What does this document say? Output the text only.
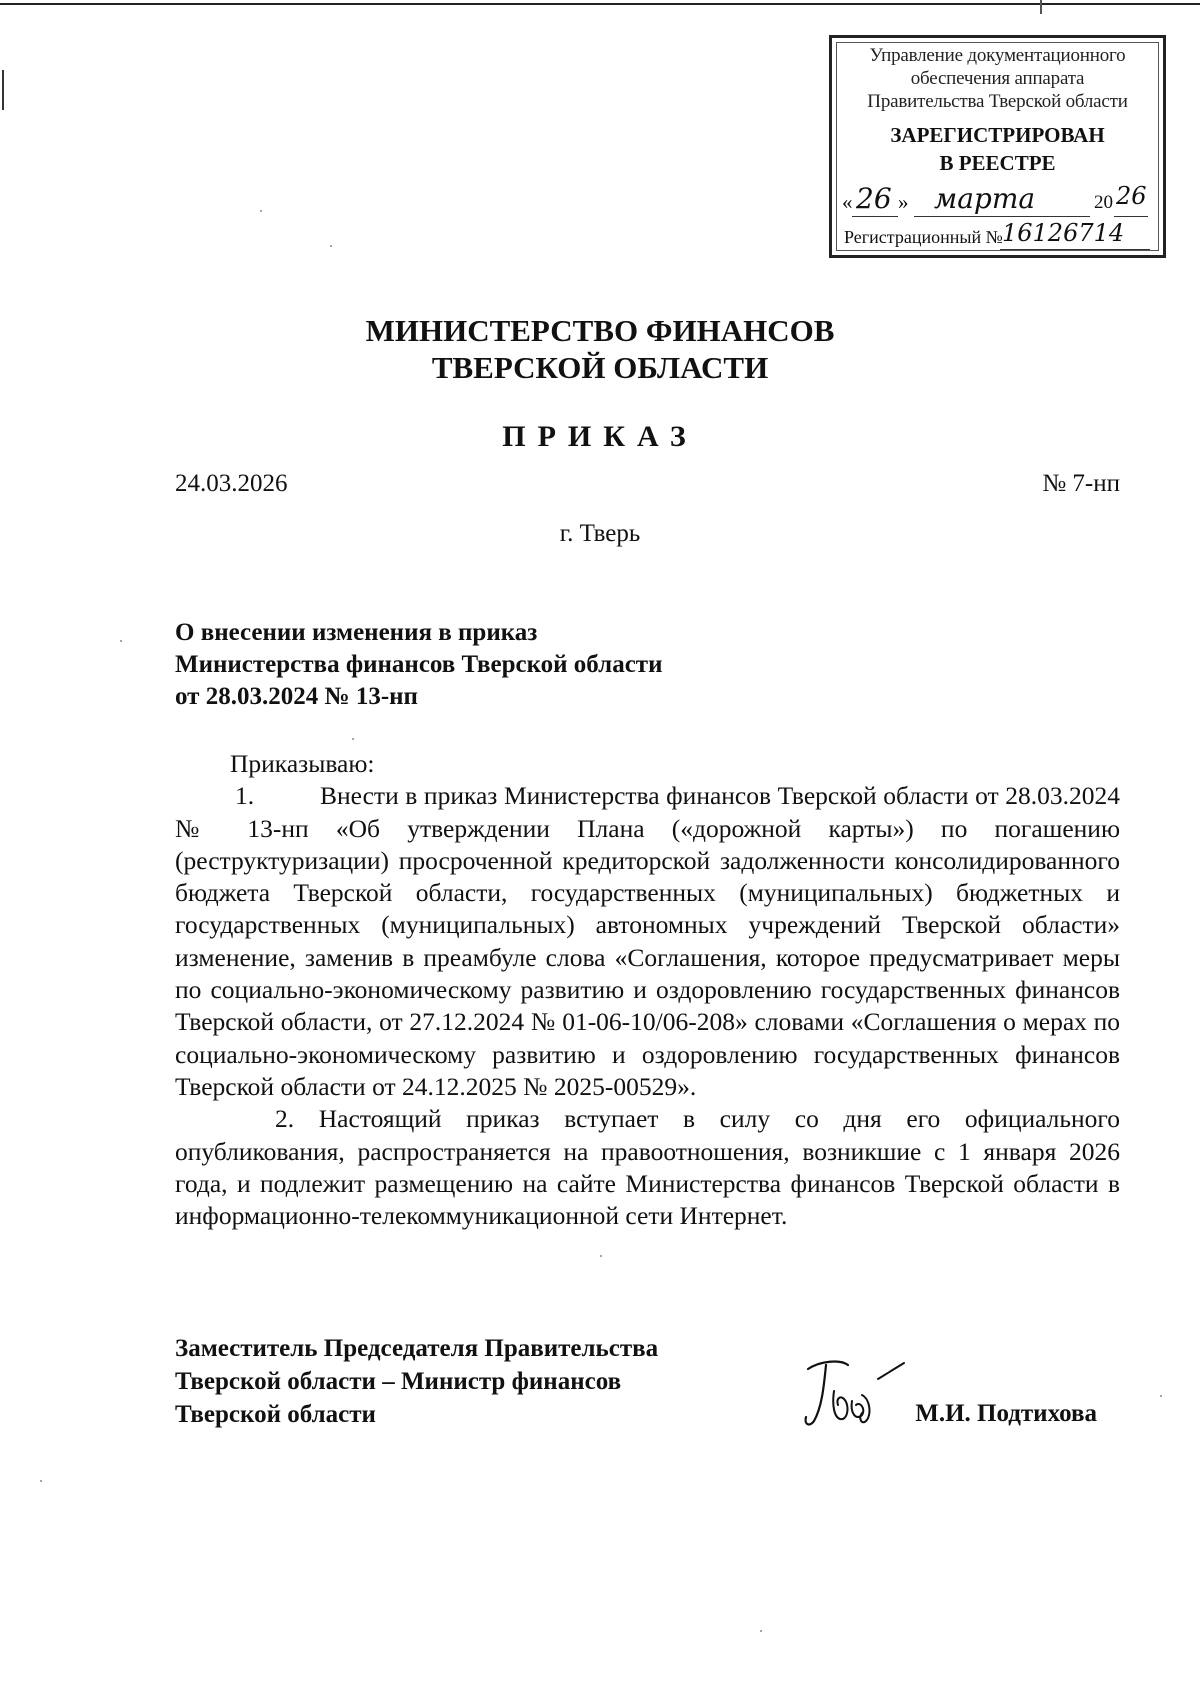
Управление документационного
обеспечения аппарата
Правительства Тверской области
ЗАРЕГИСТРИРОВАН
В РЕЕСТРЕ
« 26 » марта	20 26
Регистрационный № 16126714
МИНИСТЕРСТВО ФИНАНСОВ
ТВЕРСКОЙ ОБЛАСТИ
ПРИКАЗ
24.03.2026	№ 7-нп
г. Тверь
О внесении изменения в приказ
Министерства финансов Тверской области
от 28.03.2024 № 13-нп

Приказываю:

1.	Внести в приказ Министерства финансов Тверской области от 28.03.2024 № 13-нп «Об утверждении Плана («дорожной карты») по погашению (реструктуризации) просроченной кредиторской задолженности консолидированного бюджета Тверской области, государственных (муниципальных) бюджетных и государственных (муниципальных) автономных учреждений Тверской области» изменение, заменив в преамбуле слова «Соглашения, которое предусматривает меры по социально-экономическому развитию и оздоровлению государственных финансов Тверской области, от 27.12.2024 № 01-06-10/06-208» словами «Соглашения о мерах по социально-экономическому развитию и оздоровлению государственных финансов Тверской области от 24.12.2025 № 2025-00529».

2. Настоящий приказ вступает в силу со дня его официального опубликования, распространяется на правоотношения, возникшие с 1 января 2026 года, и подлежит размещению на сайте Министерства финансов Тверской области в информационно-телекоммуникационной сети Интернет.

Заместитель Председателя Правительства
Тверской области – Министр финансов
Тверской области	М.И. Подтихова
